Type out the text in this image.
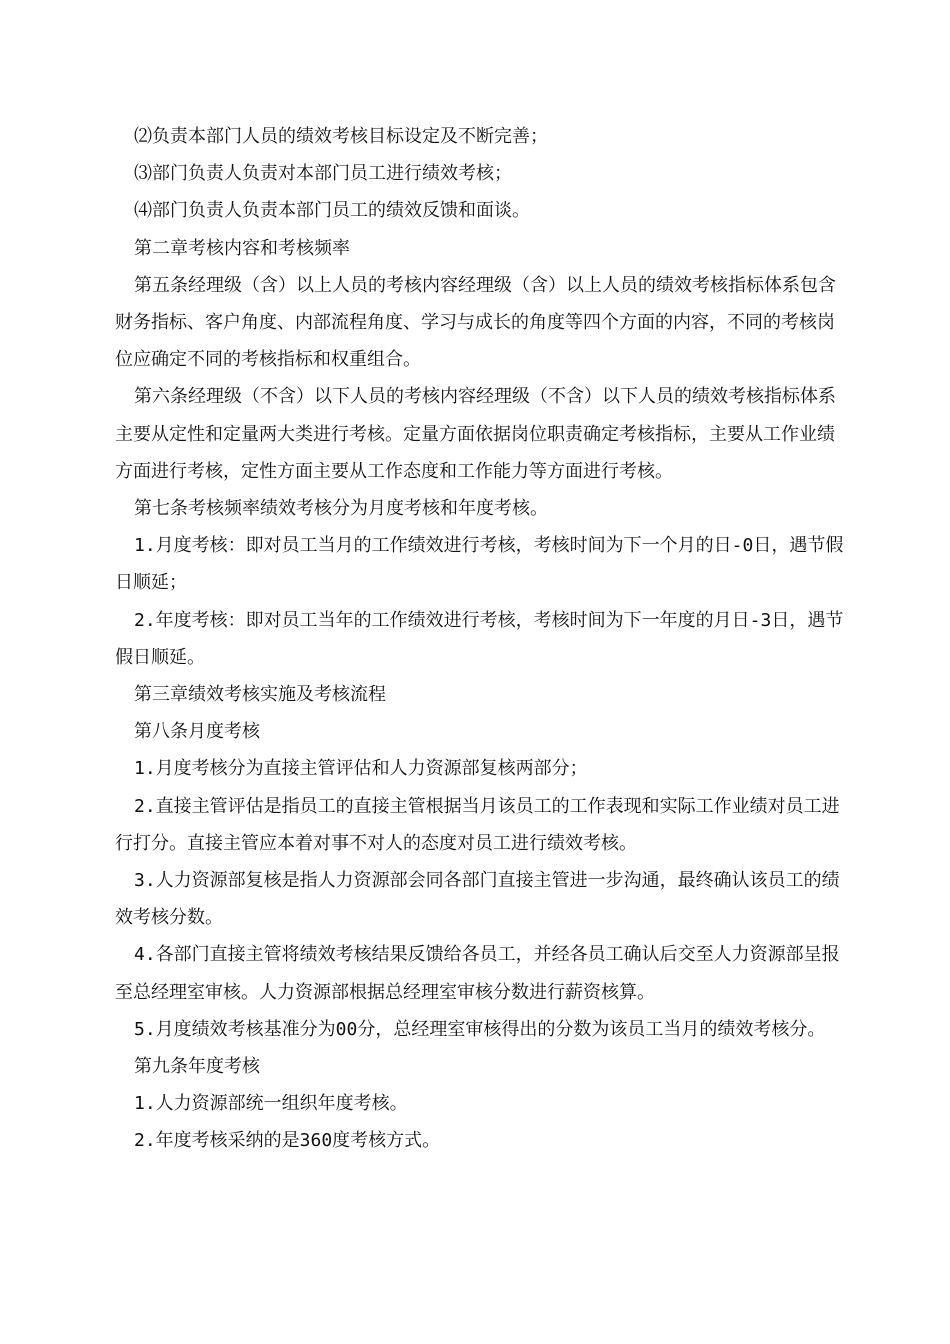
⑵负责本部门人员的绩效考核目标设定及不断完善；

⑶部门负责人负责对本部门员工进行绩效考核；

⑷部门负责人负责本部门员工的绩效反馈和面谈。

第二章考核内容和考核频率

第五条经理级（含）以上人员的考核内容经理级（含）以上人员的绩效考核指标体系包含财务指标、客户角度、内部流程角度、学习与成长的角度等四个方面的内容，不同的考核岗位应确定不同的考核指标和权重组合。

第六条经理级（不含）以下人员的考核内容经理级（不含）以下人员的绩效考核指标体系主要从定性和定量两大类进行考核。定量方面依据岗位职责确定考核指标，主要从工作业绩方面进行考核，定性方面主要从工作态度和工作能力等方面进行考核。

第七条考核频率绩效考核分为月度考核和年度考核。

1.月度考核：即对员工当月的工作绩效进行考核，考核时间为下一个月的日-0日，遇节假日顺延；

2.年度考核：即对员工当年的工作绩效进行考核，考核时间为下一年度的月日-3日，遇节假日顺延。

第三章绩效考核实施及考核流程

第八条月度考核

1.月度考核分为直接主管评估和人力资源部复核两部分；

2.直接主管评估是指员工的直接主管根据当月该员工的工作表现和实际工作业绩对员工进行打分。直接主管应本着对事不对人的态度对员工进行绩效考核。

3.人力资源部复核是指人力资源部会同各部门直接主管进一步沟通，最终确认该员工的绩效考核分数。

4.各部门直接主管将绩效考核结果反馈给各员工，并经各员工确认后交至人力资源部呈报至总经理室审核。人力资源部根据总经理室审核分数进行薪资核算。

5.月度绩效考核基准分为00分，总经理室审核得出的分数为该员工当月的绩效考核分。

第九条年度考核

1.人力资源部统一组织年度考核。

2.年度考核采纳的是360度考核方式。
